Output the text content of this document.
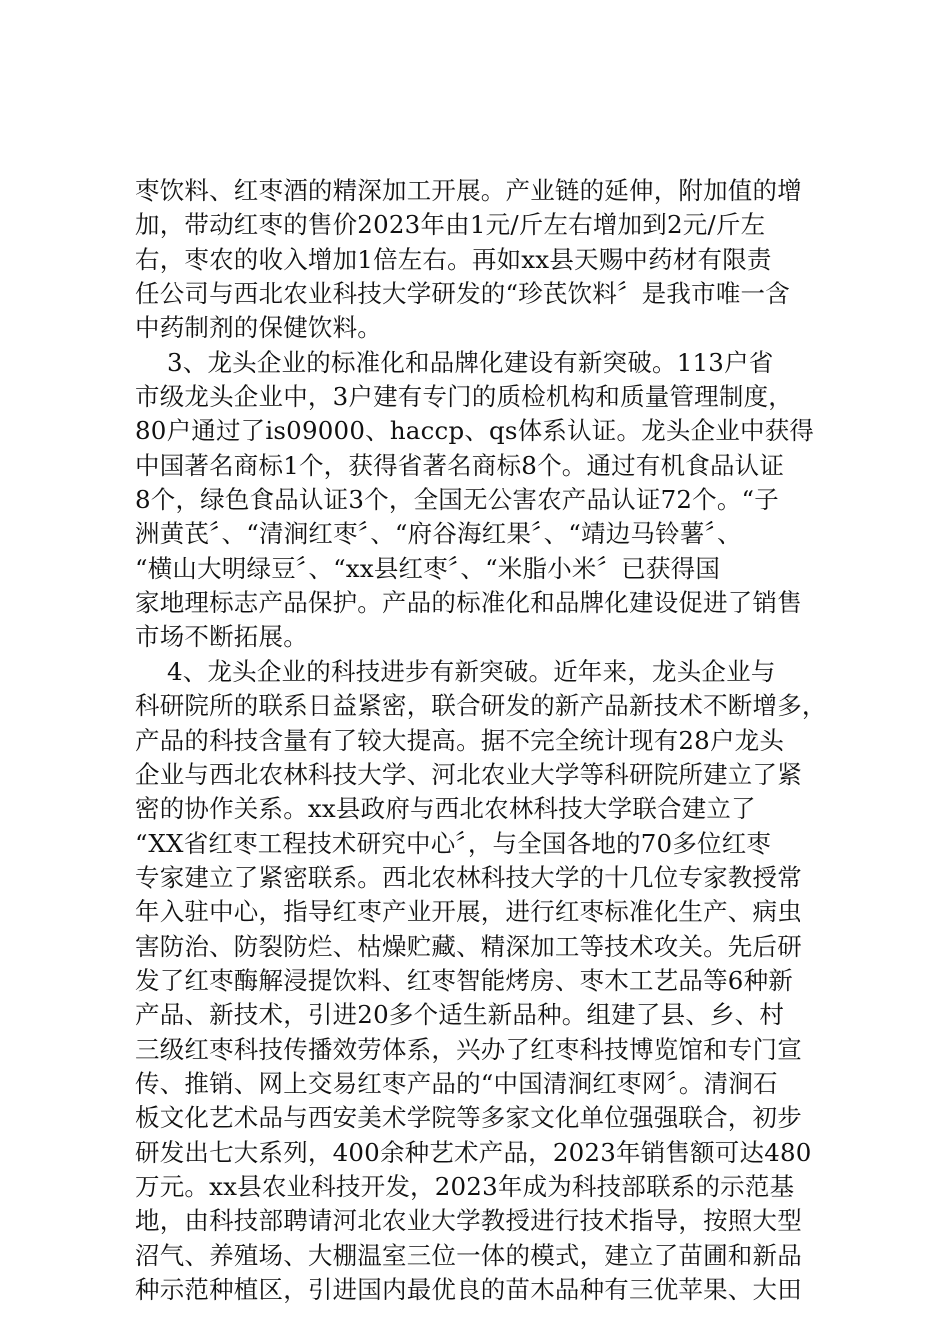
枣饮料、红枣酒的精深加工开展。产业链的延伸，附加值的增
加，带动红枣的售价2023年由1元/斤左右增加到2元/斤左
右，枣农的收入增加1倍左右。再如xx县天赐中药材有限责
任公司与西北农业科技大学研发的“珍芪饮料〞是我市唯一含
中药制剂的保健饮料。
3、龙头企业的标准化和品牌化建设有新突破。113户省
市级龙头企业中，3户建有专门的质检机构和质量管理制度，
80户通过了is09000、haccp、qs体系认证。龙头企业中获得
中国著名商标1个，获得省著名商标8个。通过有机食品认证
8个，绿色食品认证3个，全国无公害农产品认证72个。“子
洲黄芪〞、“清涧红枣〞、“府谷海红果〞、“靖边马铃薯〞、
“横山大明绿豆〞、“xx县红枣〞、“米脂小米〞已获得国
家地理标志产品保护。产品的标准化和品牌化建设促进了销售
市场不断拓展。
4、龙头企业的科技进步有新突破。近年来，龙头企业与
科研院所的联系日益紧密，联合研发的新产品新技术不断增多，
产品的科技含量有了较大提高。据不完全统计现有28户龙头
企业与西北农林科技大学、河北农业大学等科研院所建立了紧
密的协作关系。xx县政府与西北农林科技大学联合建立了
“XX省红枣工程技术研究中心〞，与全国各地的70多位红枣
专家建立了紧密联系。西北农林科技大学的十几位专家教授常
年入驻中心，指导红枣产业开展，进行红枣标准化生产、病虫
害防治、防裂防烂、枯燥贮藏、精深加工等技术攻关。先后研
发了红枣酶解浸提饮料、红枣智能烤房、枣木工艺品等6种新
产品、新技术，引进20多个适生新品种。组建了县、乡、村
三级红枣科技传播效劳体系，兴办了红枣科技博览馆和专门宣
传、推销、网上交易红枣产品的“中国清涧红枣网〞。清涧石
板文化艺术品与西安美术学院等多家文化单位强强联合，初步
研发出七大系列，400余种艺术产品，2023年销售额可达480
万元。xx县农业科技开发，2023年成为科技部联系的示范基
地，由科技部聘请河北农业大学教授进行技术指导，按照大型
沼气、养殖场、大棚温室三位一体的模式，建立了苗圃和新品
种示范种植区，引进国内最优良的苗木品种有三优苹果、大田
